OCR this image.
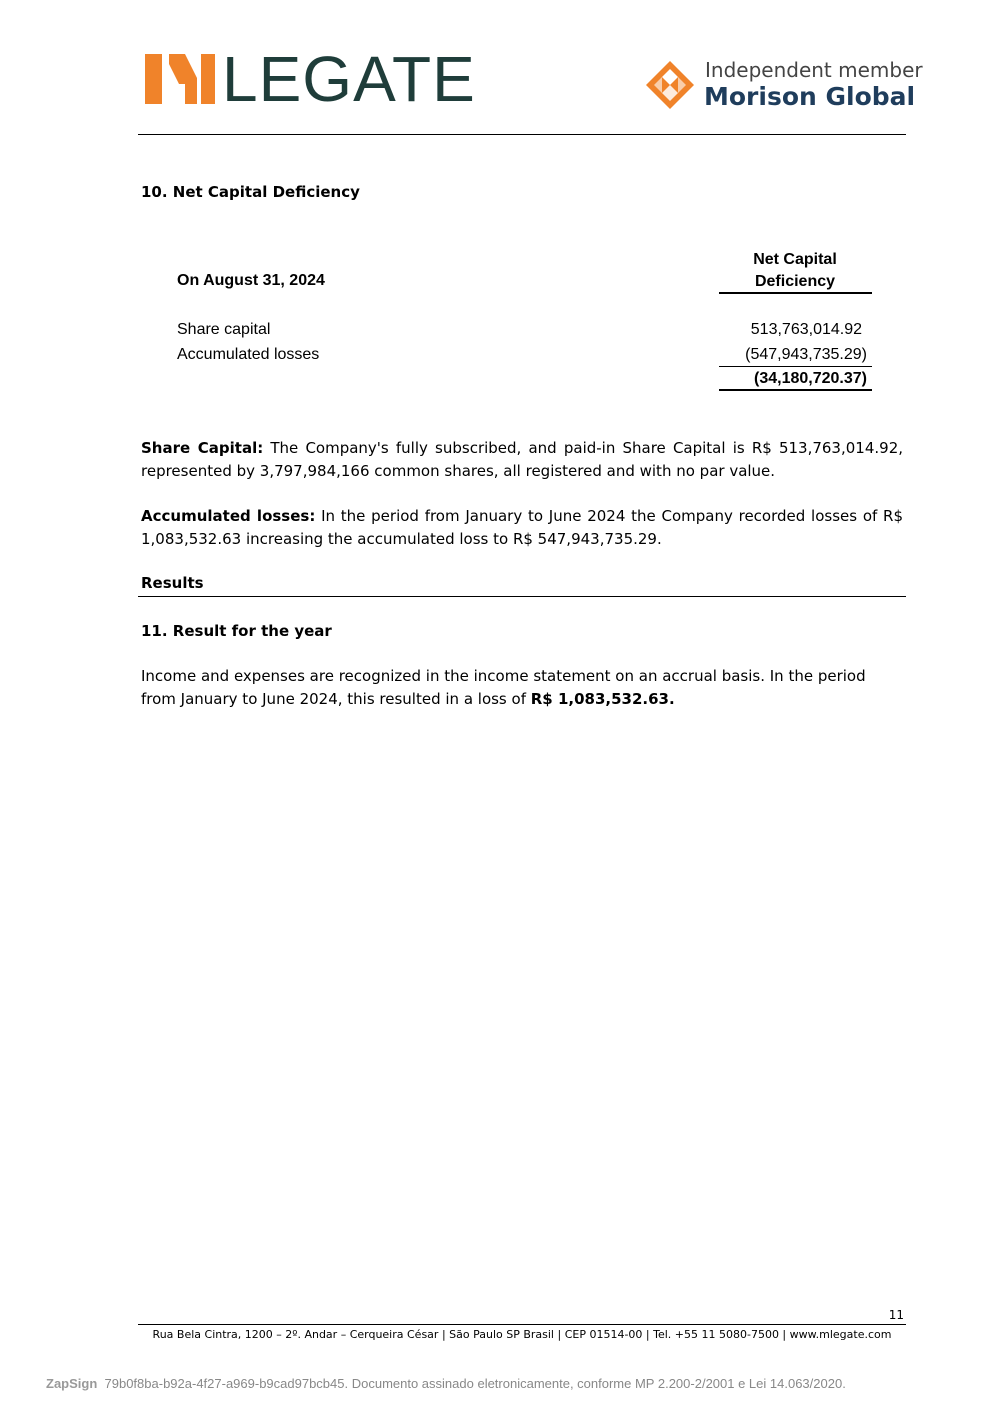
LEGATE	Independent member
Morison Global
10. Net Capital Deficiency
On August 31, 2024
Net Capital
Deficiency
Share capital	513,763,014.92
Accumulated losses	(547,943,735.29)
(34,180,720.37)
Share Capital: The Company's fully subscribed, and paid-in Share Capital is R$ 513,763,014.92, represented by 3,797,984,166 common shares, all registered and with no par value.
Accumulated losses: In the period from January to June 2024 the Company recorded losses of R$ 1,083,532.63 increasing the accumulated loss to R$ 547,943,735.29.
Results
11. Result for the year
Income and expenses are recognized in the income statement on an accrual basis. In the period from January to June 2024, this resulted in a loss of R$ 1,083,532.63.
11
Rua Bela Cintra, 1200 – 2º. Andar – Cerqueira César | São Paulo SP Brasil | CEP 01514-00 | Tel. +55 11 5080-7500 | www.mlegate.com
ZapSign 79b0f8ba-b92a-4f27-a969-b9cad97bcb45. Documento assinado eletronicamente, conforme MP 2.200-2/2001 e Lei 14.063/2020.
